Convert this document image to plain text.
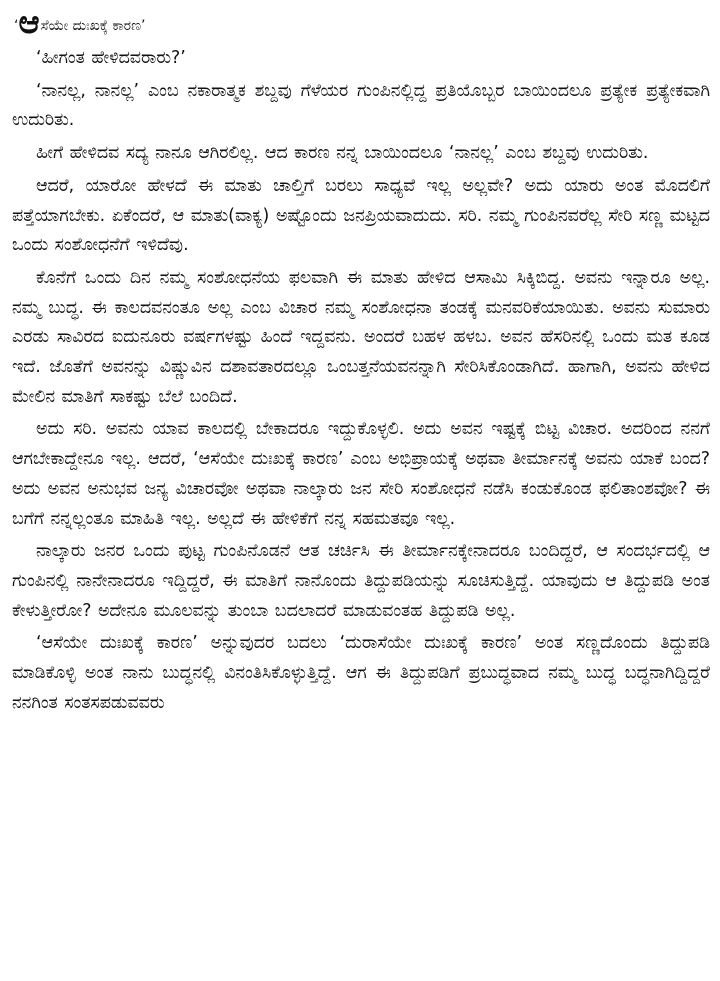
‘ಆಸೆಯೇ ದುಃಖಕ್ಕೆ ಕಾರಣ’

‘ಹೀಗಂತ ಹೇಳಿದವರಾರು?’

‘ನಾನಲ್ಲ, ನಾನಲ್ಲ’ ಎಂಬ ನಕಾರಾತ್ಮಕ ಶಬ್ದವು ಗೆಳೆಯರ ಗುಂಪಿನಲ್ಲಿದ್ದ ಪ್ರತಿಯೊಬ್ಬರ ಬಾಯಿಂದಲೂ ಪ್ರತ್ಯೇಕ ಪ್ರತ್ಯೇಕವಾಗಿ ಉದುರಿತು.

ಹೀಗೆ ಹೇಳಿದವ ಸದ್ಯ ನಾನೂ ಆಗಿರಲಿಲ್ಲ. ಆದ ಕಾರಣ ನನ್ನ ಬಾಯಿಂದಲೂ ‘ನಾನಲ್ಲ’ ಎಂಬ ಶಬ್ದವು ಉದುರಿತು.

ಆದರೆ, ಯಾರೋ ಹೇಳದೆ ಈ ಮಾತು ಚಾಲ್ತಿಗೆ ಬರಲು ಸಾಧ್ಯವೆ ಇಲ್ಲ ಅಲ್ಲವೇ? ಅದು ಯಾರು ಅಂತ ಮೊದಲಿಗೆ ಪತ್ತೆಯಾಗಬೇಕು. ಏಕೆಂದರೆ, ಆ ಮಾತು(ವಾಕ್ಯ) ಅಷ್ಟೊಂದು ಜನಪ್ರಿಯವಾದುದು. ಸರಿ. ನಮ್ಮ ಗುಂಪಿನವರೆಲ್ಲ ಸೇರಿ ಸಣ್ಣ ಮಟ್ಟದ ಒಂದು ಸಂಶೋಧನೆಗೆ ಇಳಿದೆವು.

ಕೊನೆಗೆ ಒಂದು ದಿನ ನಮ್ಮ ಸಂಶೋಧನೆಯ ಫಲವಾಗಿ ಈ ಮಾತು ಹೇಳಿದ ಆಸಾಮಿ ಸಿಕ್ಕಿಬಿದ್ದ. ಅವನು ಇನ್ನಾರೂ ಅಲ್ಲ. ನಮ್ಮ ಬುದ್ಧ. ಈ ಕಾಲದವನಂತೂ ಅಲ್ಲ ಎಂಬ ವಿಚಾರ ನಮ್ಮ ಸಂಶೋಧನಾ ತಂಡಕ್ಕೆ ಮನವರಿಕೆಯಾಯಿತು. ಅವನು ಸುಮಾರು ಎರಡು ಸಾವಿರದ ಐದುನೂರು ವರ್ಷಗಳಷ್ಟು ಹಿಂದೆ ಇದ್ದವನು. ಅಂದರೆ ಬಹಳ ಹಳಬ. ಅವನ ಹೆಸರಿನಲ್ಲಿ ಒಂದು ಮತ ಕೂಡ ಇದೆ. ಜೊತೆಗೆ ಅವನನ್ನು ವಿಷ್ಣುವಿನ ದಶಾವತಾರದಲ್ಲೂ ಒಂಬತ್ತನೆಯವನನ್ನಾಗಿ ಸೇರಿಸಿಕೊಂಡಾಗಿದೆ. ಹಾಗಾಗಿ, ಅವನು ಹೇಳಿದ ಮೇಲಿನ ಮಾತಿಗೆ ಸಾಕಷ್ಟು ಬೆಲೆ ಬಂದಿದೆ.

ಅದು ಸರಿ. ಅವನು ಯಾವ ಕಾಲದಲ್ಲಿ ಬೇಕಾದರೂ ಇದ್ದುಕೊಳ್ಳಲಿ. ಅದು ಅವನ ಇಷ್ಟಕ್ಕೆ ಬಿಟ್ಟ ವಿಚಾರ. ಅದರಿಂದ ನನಗೆ ಆಗಬೇಕಾದ್ದೇನೂ ಇಲ್ಲ. ಆದರೆ, ‘ಆಸೆಯೇ ದುಃಖಕ್ಕೆ ಕಾರಣ’ ಎಂಬ ಅಭಿಪ್ರಾಯಕ್ಕೆ ಅಥವಾ ತೀರ್ಮಾನಕ್ಕೆ ಅವನು ಯಾಕೆ ಬಂದ? ಅದು ಅವನ ಅನುಭವ ಜನ್ಯ ವಿಚಾರವೋ ಅಥವಾ ನಾಲ್ಕಾರು ಜನ ಸೇರಿ ಸಂಶೋಧನೆ ನಡೆಸಿ ಕಂಡುಕೊಂಡ ಫಲಿತಾಂಶವೋ? ಈ ಬಗೆಗೆ ನನ್ನಲ್ಲಂತೂ ಮಾಹಿತಿ ಇಲ್ಲ. ಅಲ್ಲದೆ ಈ ಹೇಳಿಕೆಗೆ ನನ್ನ ಸಹಮತವೂ ಇಲ್ಲ.

ನಾಲ್ಕಾರು ಜನರ ಒಂದು ಪುಟ್ಟ ಗುಂಪಿನೊಡನೆ ಆತ ಚರ್ಚಿಸಿ ಈ ತೀರ್ಮಾನಕ್ಕೇನಾದರೂ ಬಂದಿದ್ದರೆ, ಆ ಸಂದರ್ಭದಲ್ಲಿ ಆ ಗುಂಪಿನಲ್ಲಿ ನಾನೇನಾದರೂ ಇದ್ದಿದ್ದರೆ, ಈ ಮಾತಿಗೆ ನಾನೊಂದು ತಿದ್ದುಪಡಿಯನ್ನು ಸೂಚಿಸುತ್ತಿದ್ದೆ. ಯಾವುದು ಆ ತಿದ್ದುಪಡಿ ಅಂತ ಕೇಳುತ್ತೀರೋ? ಅದೇನೂ ಮೂಲವನ್ನು ತುಂಬಾ ಬದಲಾದರೆ ಮಾಡುವಂತಹ ತಿದ್ದುಪಡಿ ಅಲ್ಲ.

‘ಆಸೆಯೇ ದುಃಖಕ್ಕೆ ಕಾರಣ’ ಅನ್ನುವುದರ ಬದಲು ‘ದುರಾಸೆಯೇ ದುಃಖಕ್ಕೆ ಕಾರಣ’ ಅಂತ ಸಣ್ಣದೊಂದು ತಿದ್ದುಪಡಿ ಮಾಡಿಕೊಳ್ಳಿ ಅಂತ ನಾನು ಬುದ್ಧನಲ್ಲಿ ವಿನಂತಿಸಿಕೊಳ್ಳುತ್ತಿದ್ದೆ. ಆಗ ಈ ತಿದ್ದುಪಡಿಗೆ ಪ್ರಬುದ್ಧವಾದ ನಮ್ಮ ಬುದ್ಧ ಬದ್ಧನಾಗಿದ್ದಿದ್ದರೆ ನನಗಿಂತ ಸಂತಸಪಡುವವರು
